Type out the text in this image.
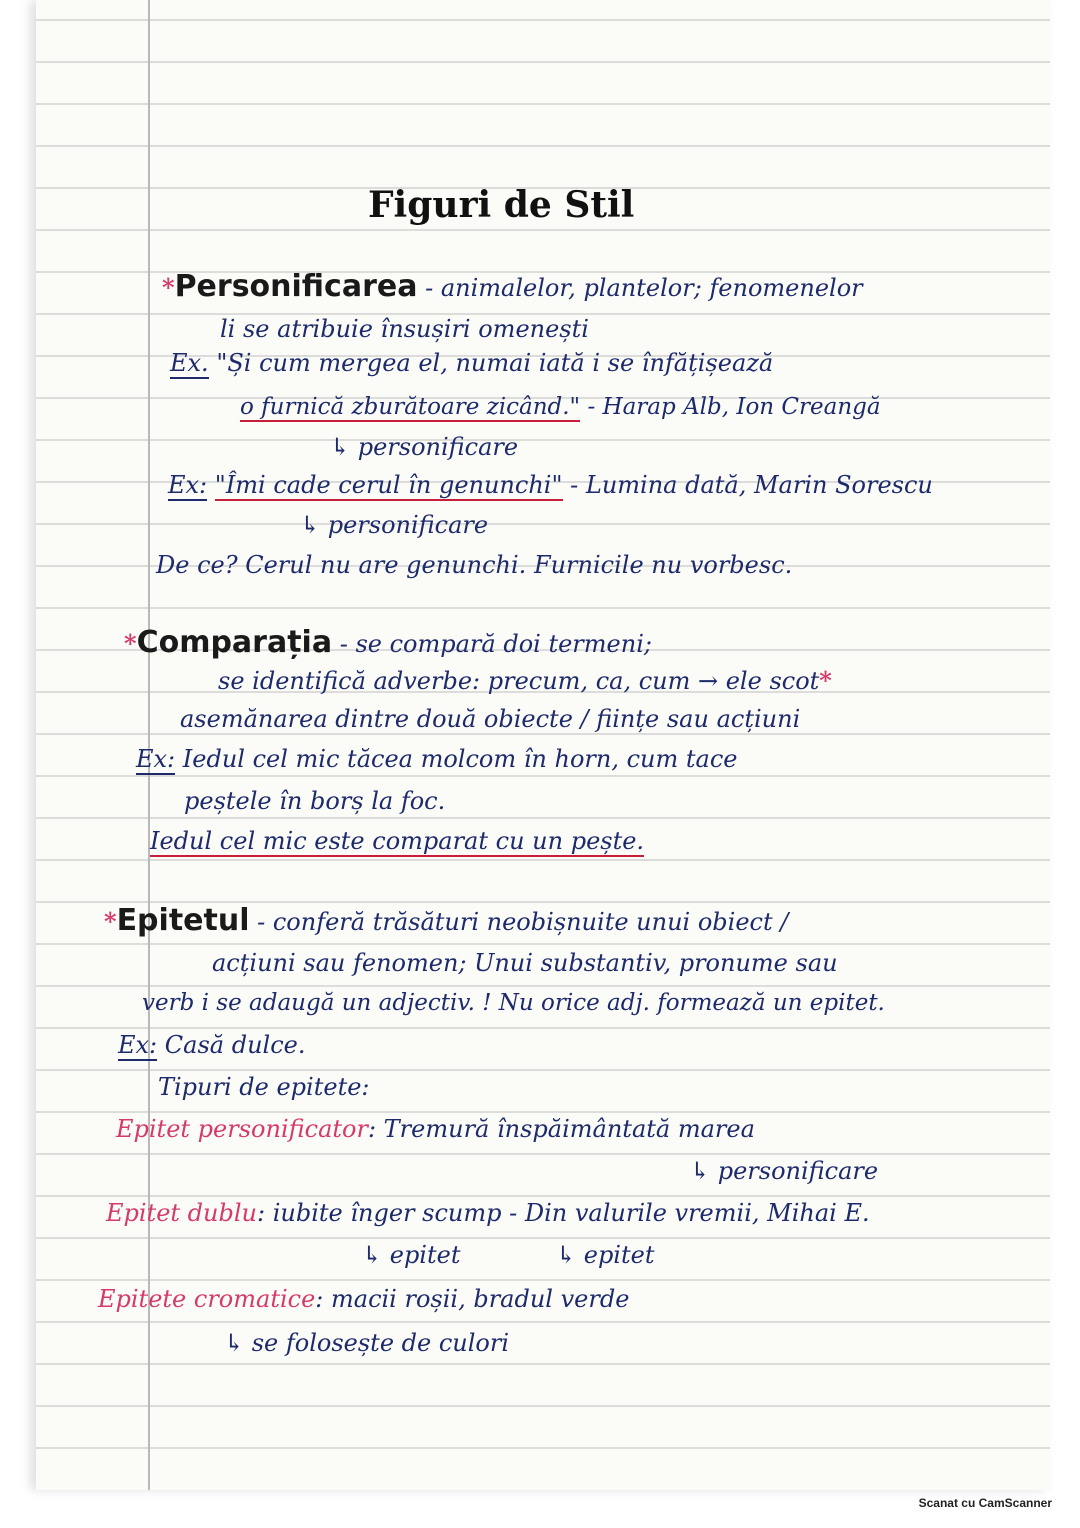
Figuri de Stil
*Personificarea - animalelor, plantelor; fenomenelor
li se atribuie însușiri omenești
Ex. "Și cum mergea el, numai iată i se înfățișează
o furnică zburătoare zicând." - Harap Alb, Ion Creangă
↳ personificare
Ex: "Îmi cade cerul în genunchi" - Lumina dată, Marin Sorescu
↳ personificare
De ce? Cerul nu are genunchi. Furnicile nu vorbesc.
*Comparația - se compară doi termeni;
se identifică adverbe: precum, ca, cum → ele scot*
asemănarea dintre două obiecte / ființe sau acțiuni
Ex: Iedul cel mic tăcea molcom în horn, cum tace
peștele în borș la foc.
Iedul cel mic este comparat cu un pește.
*Epitetul - conferă trăsături neobișnuite unui obiect /
acțiuni sau fenomen; Unui substantiv, pronume sau
verb i se adaugă un adjectiv. ! Nu orice adj. formează un epitet.
Ex: Casă dulce.
Tipuri de epitete:
Epitet personificator: Tremură înspăimântată marea
↳ personificare
Epitet dublu: iubite înger scump - Din valurile vremii, Mihai E.
↳ epitet	↳ epitet
Epitete cromatice: macii roșii, bradul verde
↳ se folosește de culori
Scanat cu CamScanner
